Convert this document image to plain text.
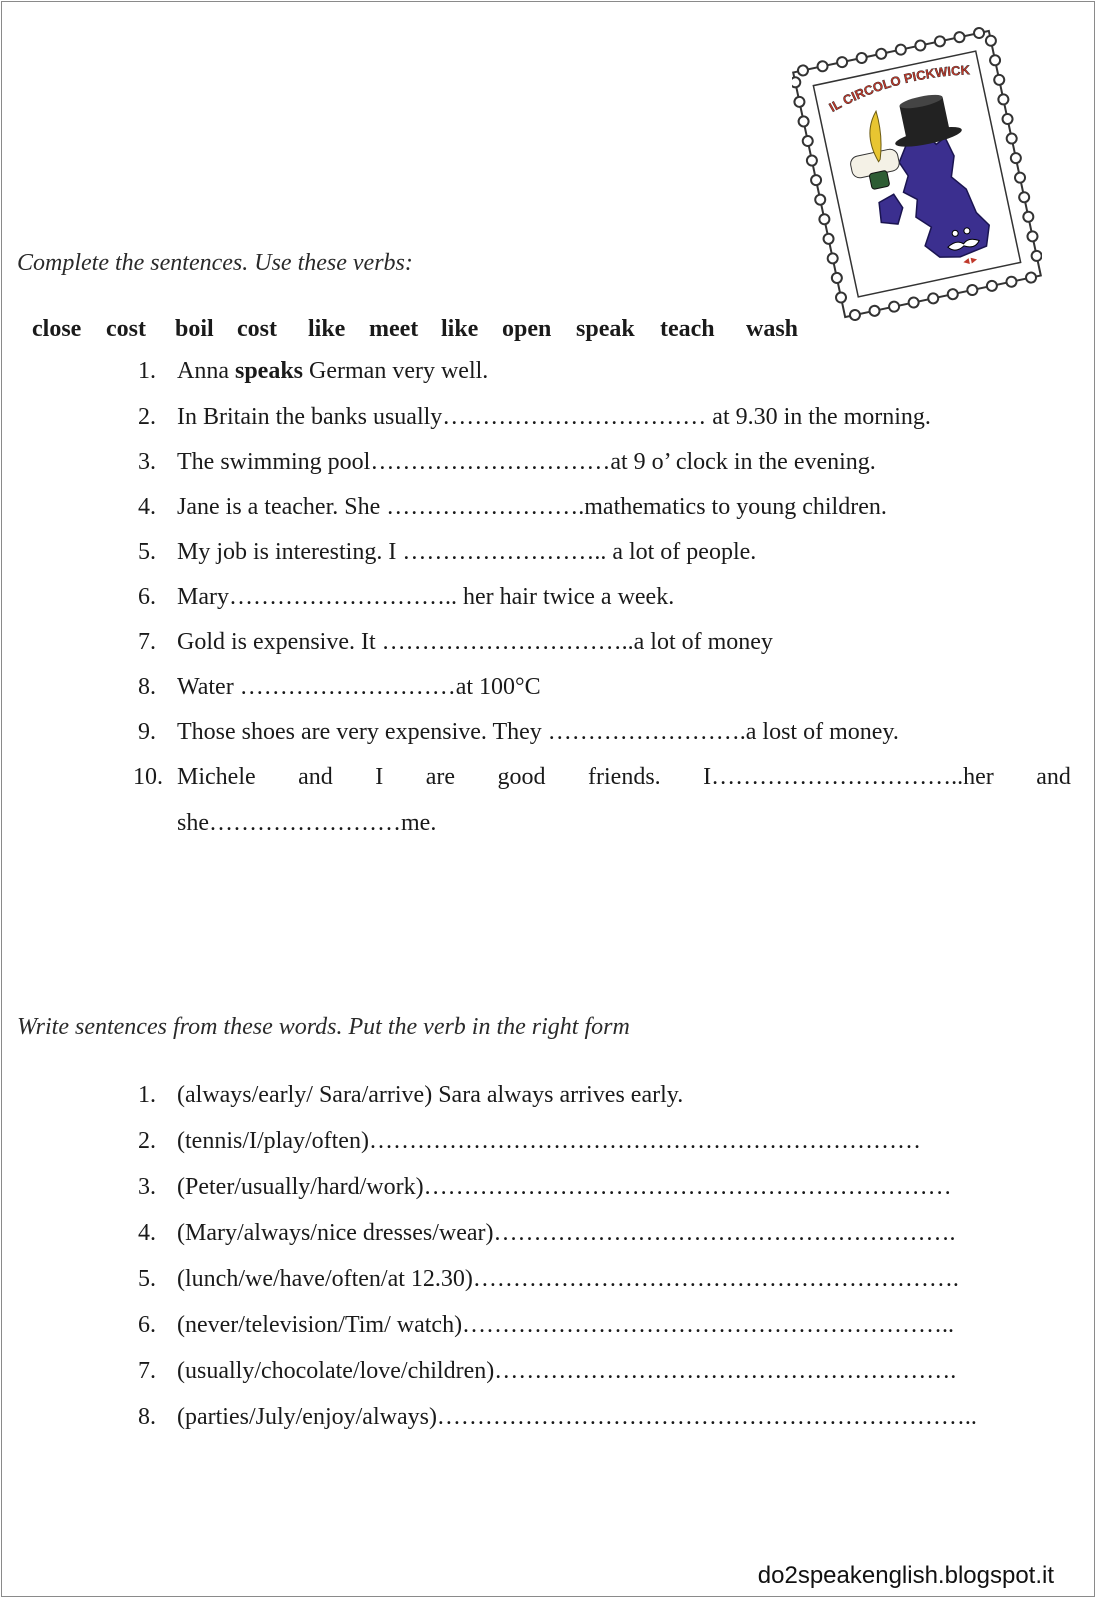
IL CIRCOLO PICKWICK
Complete the sentences. Use these verbs:
close cost boil cost like meet like open speak teach wash
1. Anna speaks German very well.
2. In Britain the banks usually…………………………… at 9.30 in the morning.
3. The swimming pool…………………………at 9 o’ clock in the evening.
4. Jane is a teacher. She …………………….mathematics to young children.
5. My job is interesting. I …………………….. a lot of people.
6. Mary……………………….. her hair twice a week.
7. Gold is expensive. It …………………………..a lot of money
8. Water ………………………at 100°C
9. Those shoes are very expensive. They …………………….a lost of money.
10. Michele and I are good friends. I…………………………..her and
she……………………me.
Write sentences from these words. Put the verb in the right form
1. (always/early/ Sara/arrive) Sara always arrives early.
2. (tennis/I/play/often)……………………………………………………………
3. (Peter/usually/hard/work)…………………………………………………………
4. (Mary/always/nice dresses/wear)………………………………………………….
5. (lunch/we/have/often/at 12.30)…………………………………………………….
6. (never/television/Tim/ watch)……………………………………………………..
7. (usually/chocolate/love/children)………………………………………………….
8. (parties/July/enjoy/always)…………………………………………………………..
do2speakenglish.blogspot.it
